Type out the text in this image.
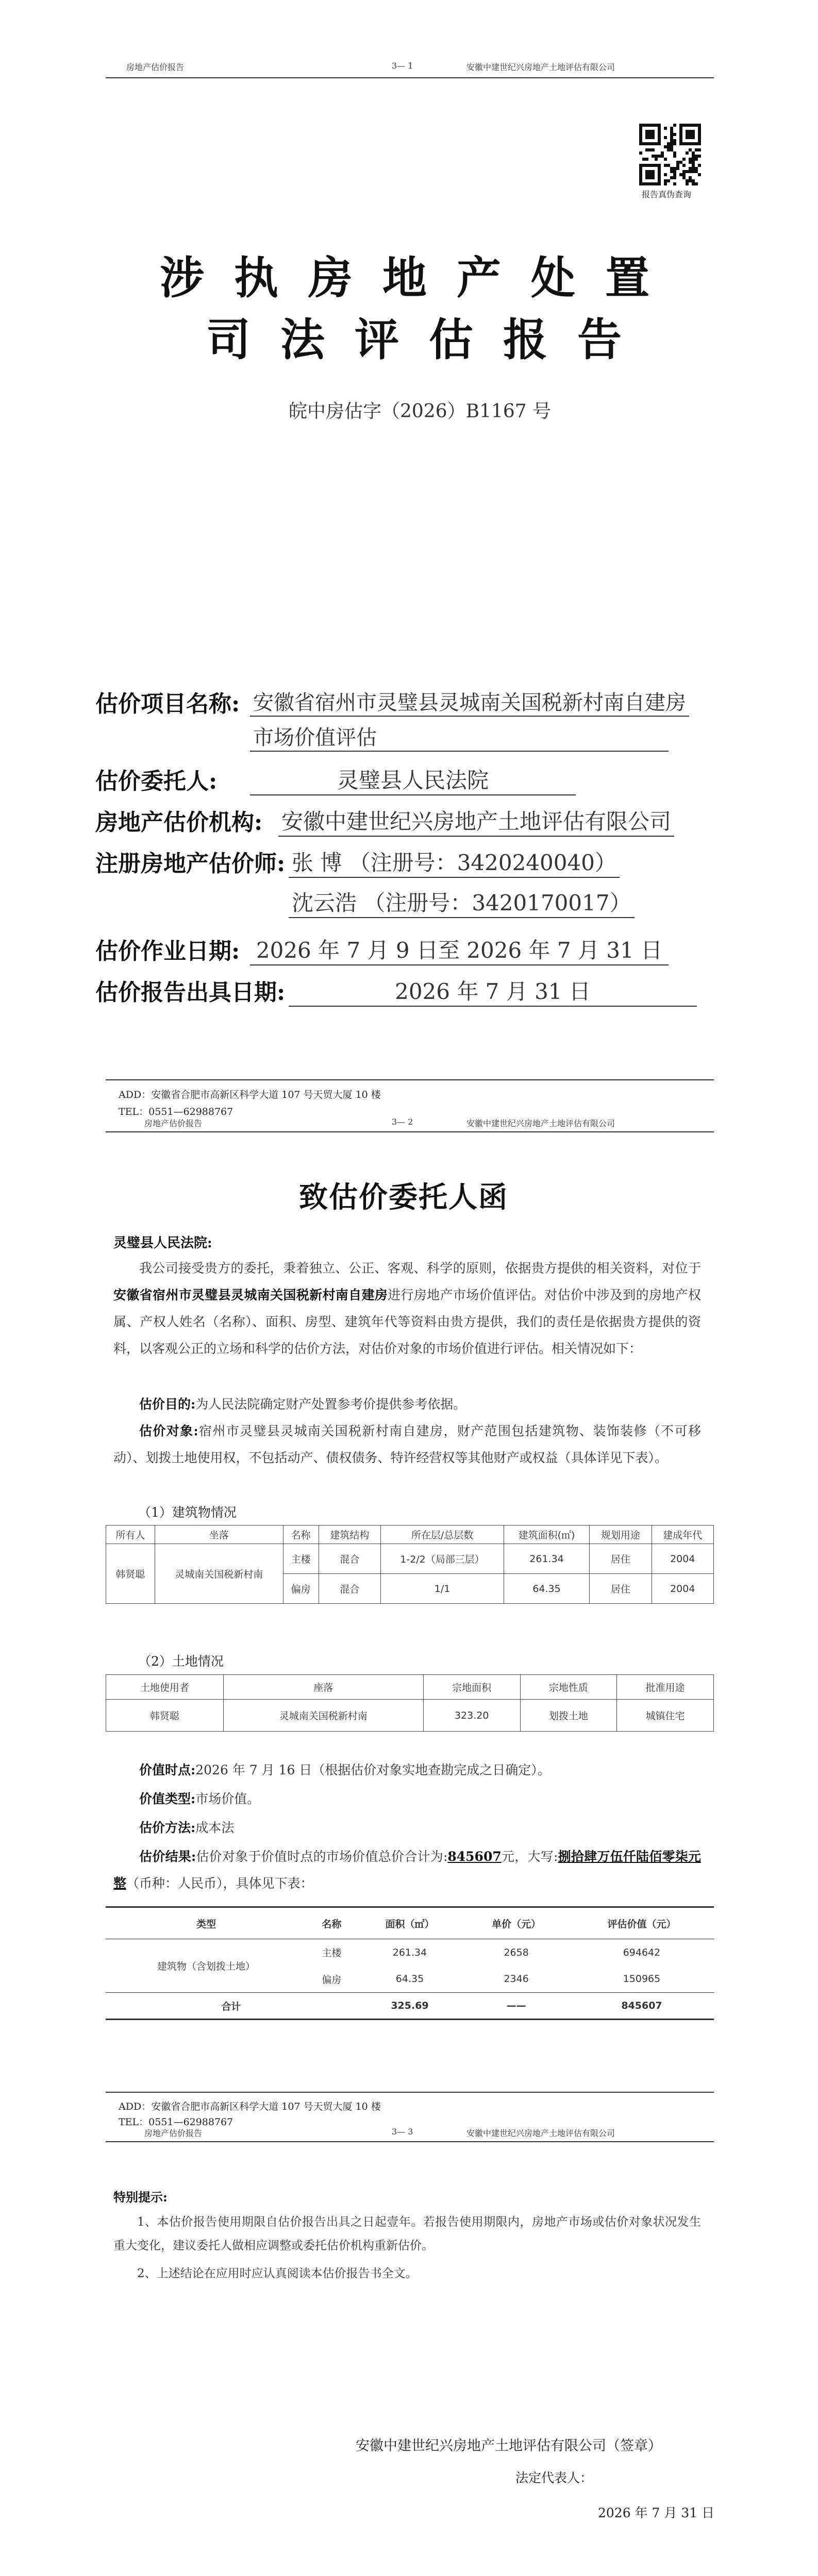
房地产估价报告	3— 1	安徽中建世纪兴房地产土地评估有限公司
报告真伪查询
涉执房地产处置
司法评估报告
皖中房估字（2026）B1167 号
估价项目名称: 安徽省宿州市灵璧县灵城南关国税新村南自建房
市场价值评估
估价委托人:	灵璧县人民法院
房地产估价机构: 安徽中建世纪兴房地产土地评估有限公司
注册房地产估价师: 张 博 （注册号：3420240040）
沈云浩 （注册号：3420170017）
估价作业日期: 2026 年 7 月 9 日至 2026 年 7 月 31 日
估价报告出具日期:	2026 年 7 月 31 日
ADD：安徽省合肥市高新区科学大道 107 号天贸大厦 10 楼
TEL：0551—62988767
房地产估价报告	3— 2	安徽中建世纪兴房地产土地评估有限公司
致估价委托人函
灵璧县人民法院:
我公司接受贵方的委托，秉着独立、公正、客观、科学的原则，依据贵方提供的相关资料，对位于安徽省宿州市灵璧县灵城南关国税新村南自建房进行房地产市场价值评估。对估价中涉及到的房地产权属、产权人姓名（名称）、面积、房型、建筑年代等资料由贵方提供，我们的责任是依据贵方提供的资料，以客观公正的立场和科学的估价方法，对估价对象的市场价值进行评估。相关情况如下：
估价目的:为人民法院确定财产处置参考价提供参考依据。
估价对象:宿州市灵璧县灵城南关国税新村南自建房，财产范围包括建筑物、装饰装修（不可移动）、划拨土地使用权，不包括动产、债权债务、特许经营权等其他财产或权益（具体详见下表）。
（1）建筑物情况
所有人	坐落	名称	建筑结构	所在层/总层数	建筑面积(㎡)	规划用途	建成年代
韩贤聪	灵城南关国税新村南	主楼	混合	1-2/2（局部三层）	261.34	居住	2004
		偏房	混合	1/1	64.35	居住	2004
（2）土地情况
土地使用者	座落	宗地面积	宗地性质	批准用途
韩贤聪	灵城南关国税新村南	323.20	划拨土地	城镇住宅
价值时点:2026 年 7 月 16 日（根据估价对象实地查勘完成之日确定）。
价值类型:市场价值。
估价方法:成本法
估价结果:估价对象于价值时点的市场价值总价合计为:845607元，大写:捌拾肆万伍仟陆佰零柒元整（币种：人民币），具体见下表：
类型	名称	面积（㎡）	单价（元）	评估价值（元）
建筑物（含划拨土地）	主楼	261.34	2658	694642
	偏房	64.35	2346	150965
合计		325.69	——	845607
ADD：安徽省合肥市高新区科学大道 107 号天贸大厦 10 楼
TEL：0551—62988767
房地产估价报告	3— 3	安徽中建世纪兴房地产土地评估有限公司
特别提示:
1、本估价报告使用期限自估价报告出具之日起壹年。若报告使用期限内，房地产市场或估价对象状况发生重大变化，建议委托人做相应调整或委托估价机构重新估价。
2、上述结论在应用时应认真阅读本估价报告书全文。
安徽中建世纪兴房地产土地评估有限公司（签章）
法定代表人：
2026 年 7 月 31 日
